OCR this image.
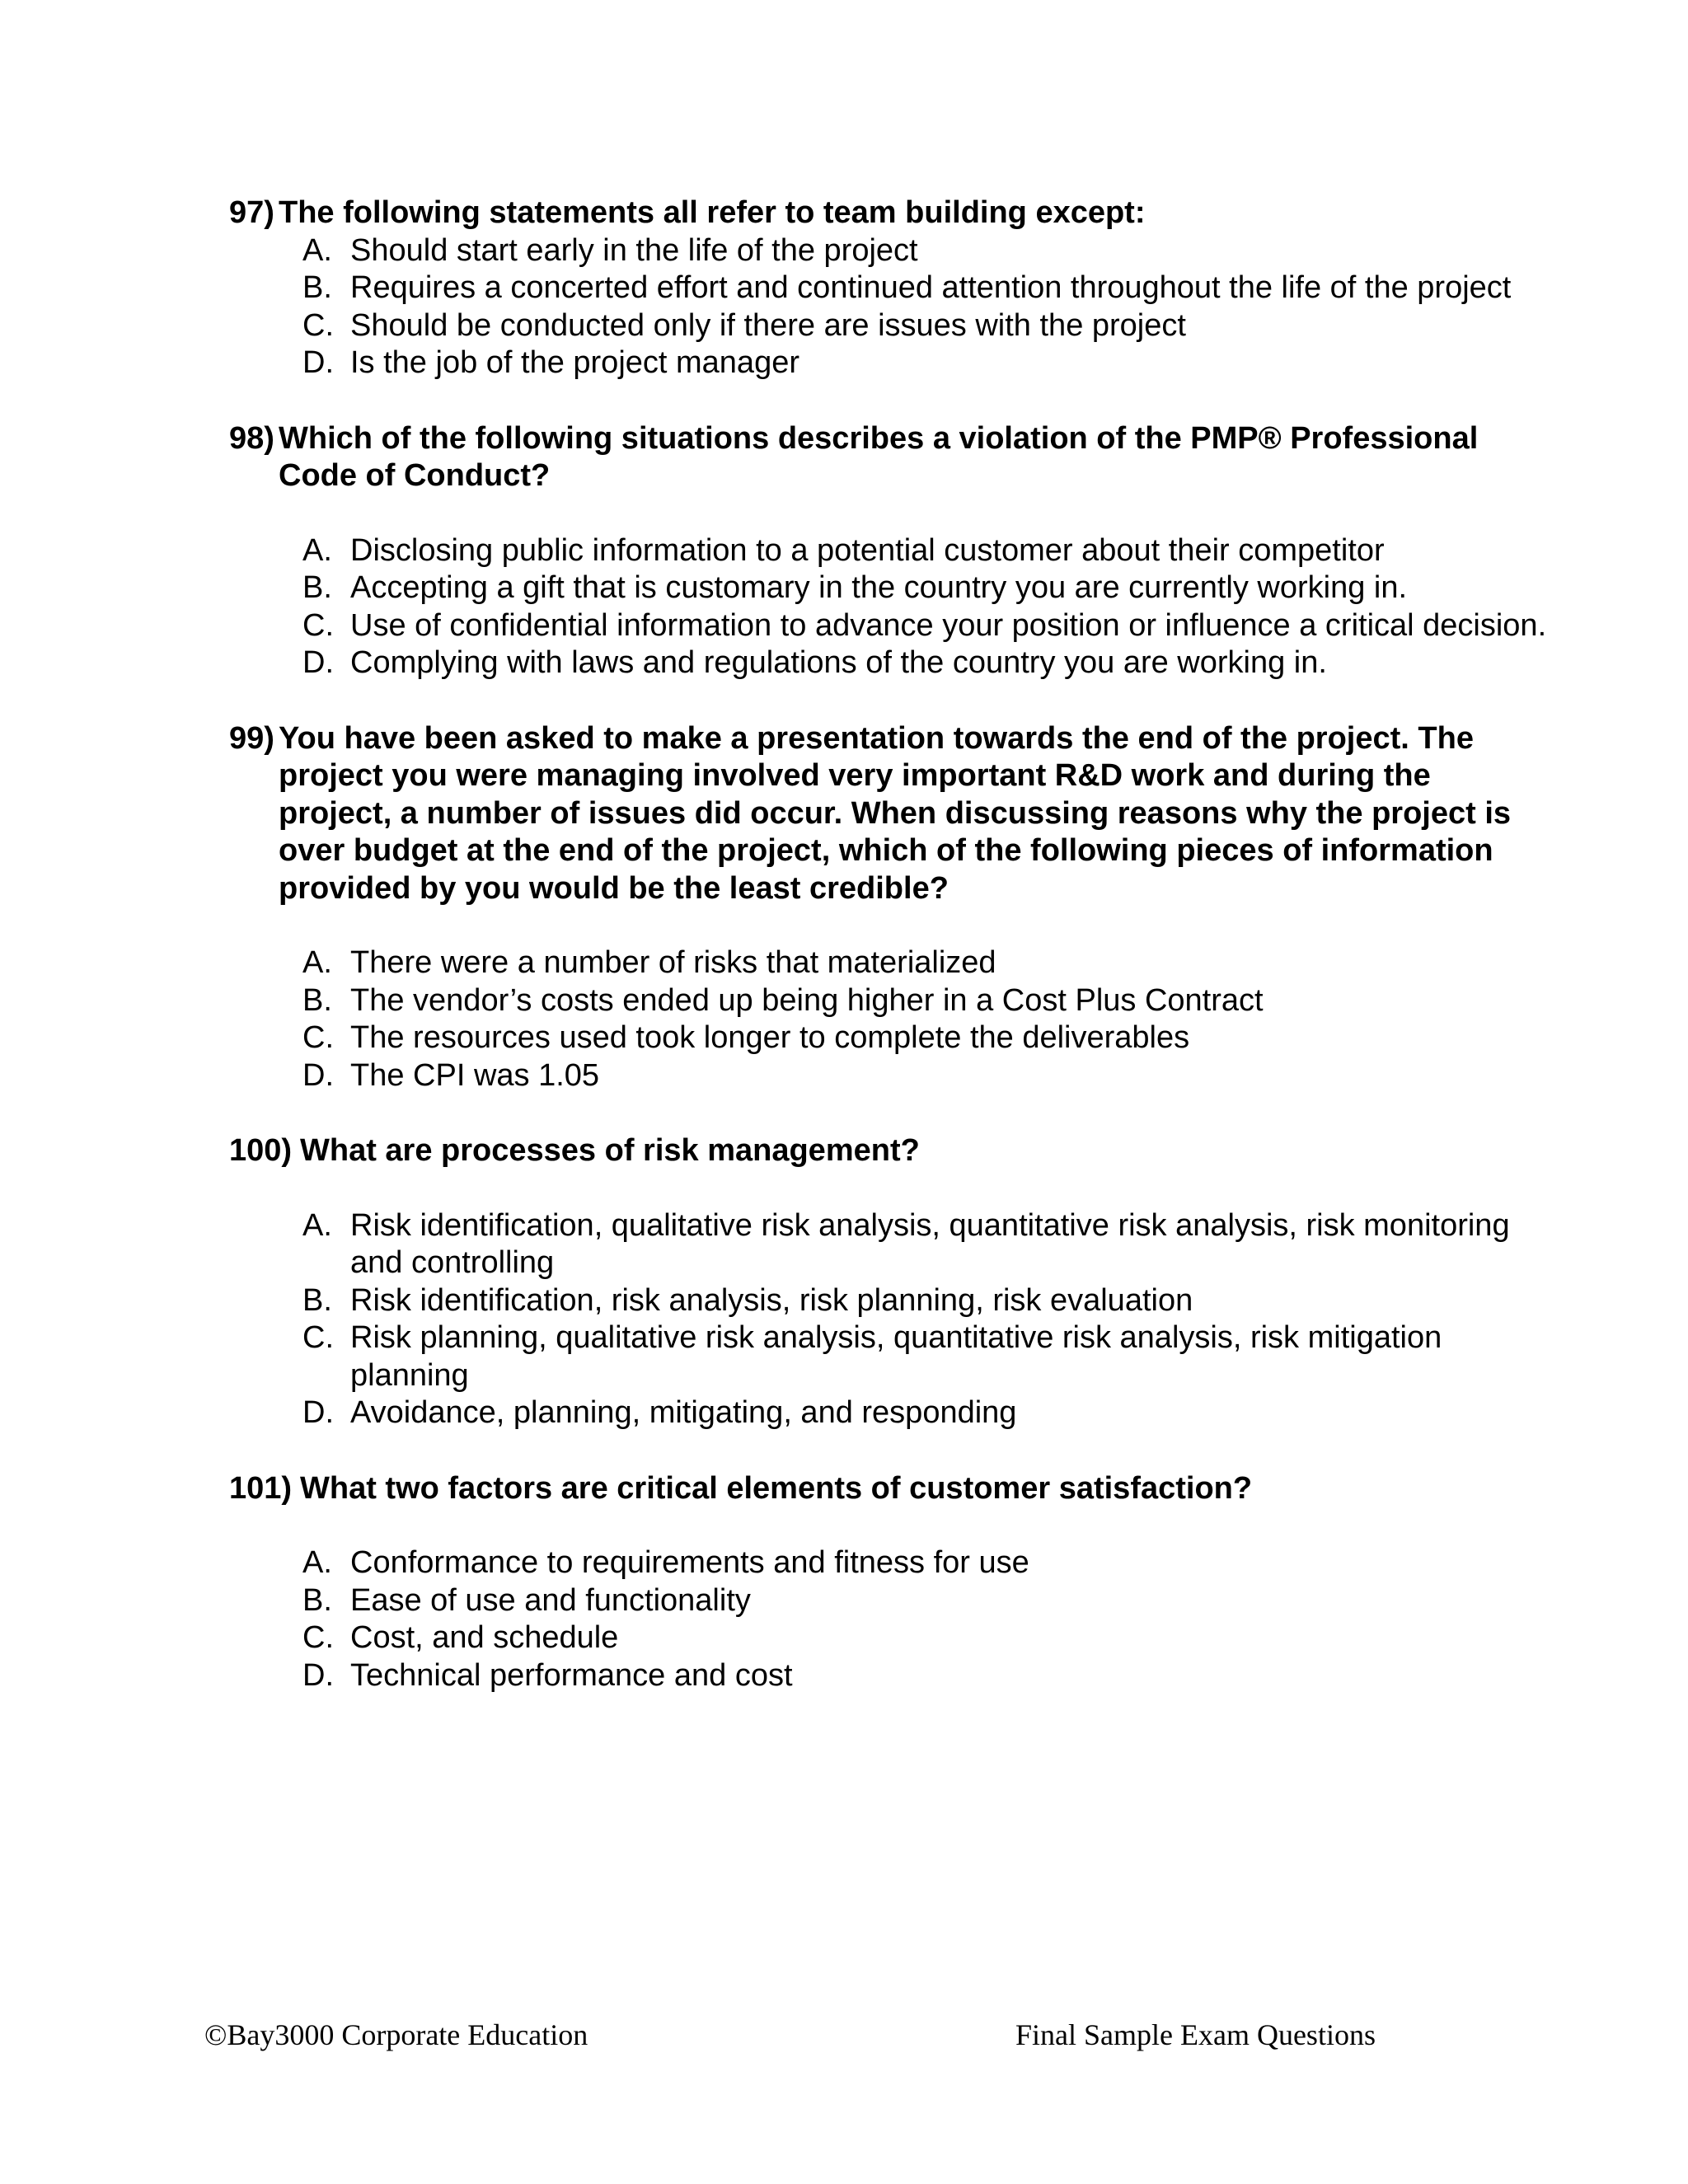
97) The following statements all refer to team building except:
A. Should start early in the life of the project
B. Requires a concerted effort and continued attention throughout the life of the project
C. Should be conducted only if there are issues with the project
D. Is the job of the project manager
98) Which of the following situations describes a violation of the PMP® Professional Code of Conduct?
A. Disclosing public information to a potential customer about their competitor
B. Accepting a gift that is customary in the country you are currently working in.
C. Use of confidential information to advance your position or influence a critical decision.
D. Complying with laws and regulations of the country you are working in.
99) You have been asked to make a presentation towards the end of the project. The project you were managing involved very important R&D work and during the project, a number of issues did occur. When discussing reasons why the project is over budget at the end of the project, which of the following pieces of information provided by you would be the least credible?
A. There were a number of risks that materialized
B. The vendor’s costs ended up being higher in a Cost Plus Contract
C. The resources used took longer to complete the deliverables
D. The CPI was 1.05
100) What are processes of risk management?
A. Risk identification, qualitative risk analysis, quantitative risk analysis, risk monitoring and controlling
B. Risk identification, risk analysis, risk planning, risk evaluation
C. Risk planning, qualitative risk analysis, quantitative risk analysis, risk mitigation planning
D. Avoidance, planning, mitigating, and responding
101) What two factors are critical elements of customer satisfaction?
A. Conformance to requirements and fitness for use
B. Ease of use and functionality
C. Cost, and schedule
D. Technical performance and cost
©Bay3000 Corporate Education	Final Sample Exam Questions
